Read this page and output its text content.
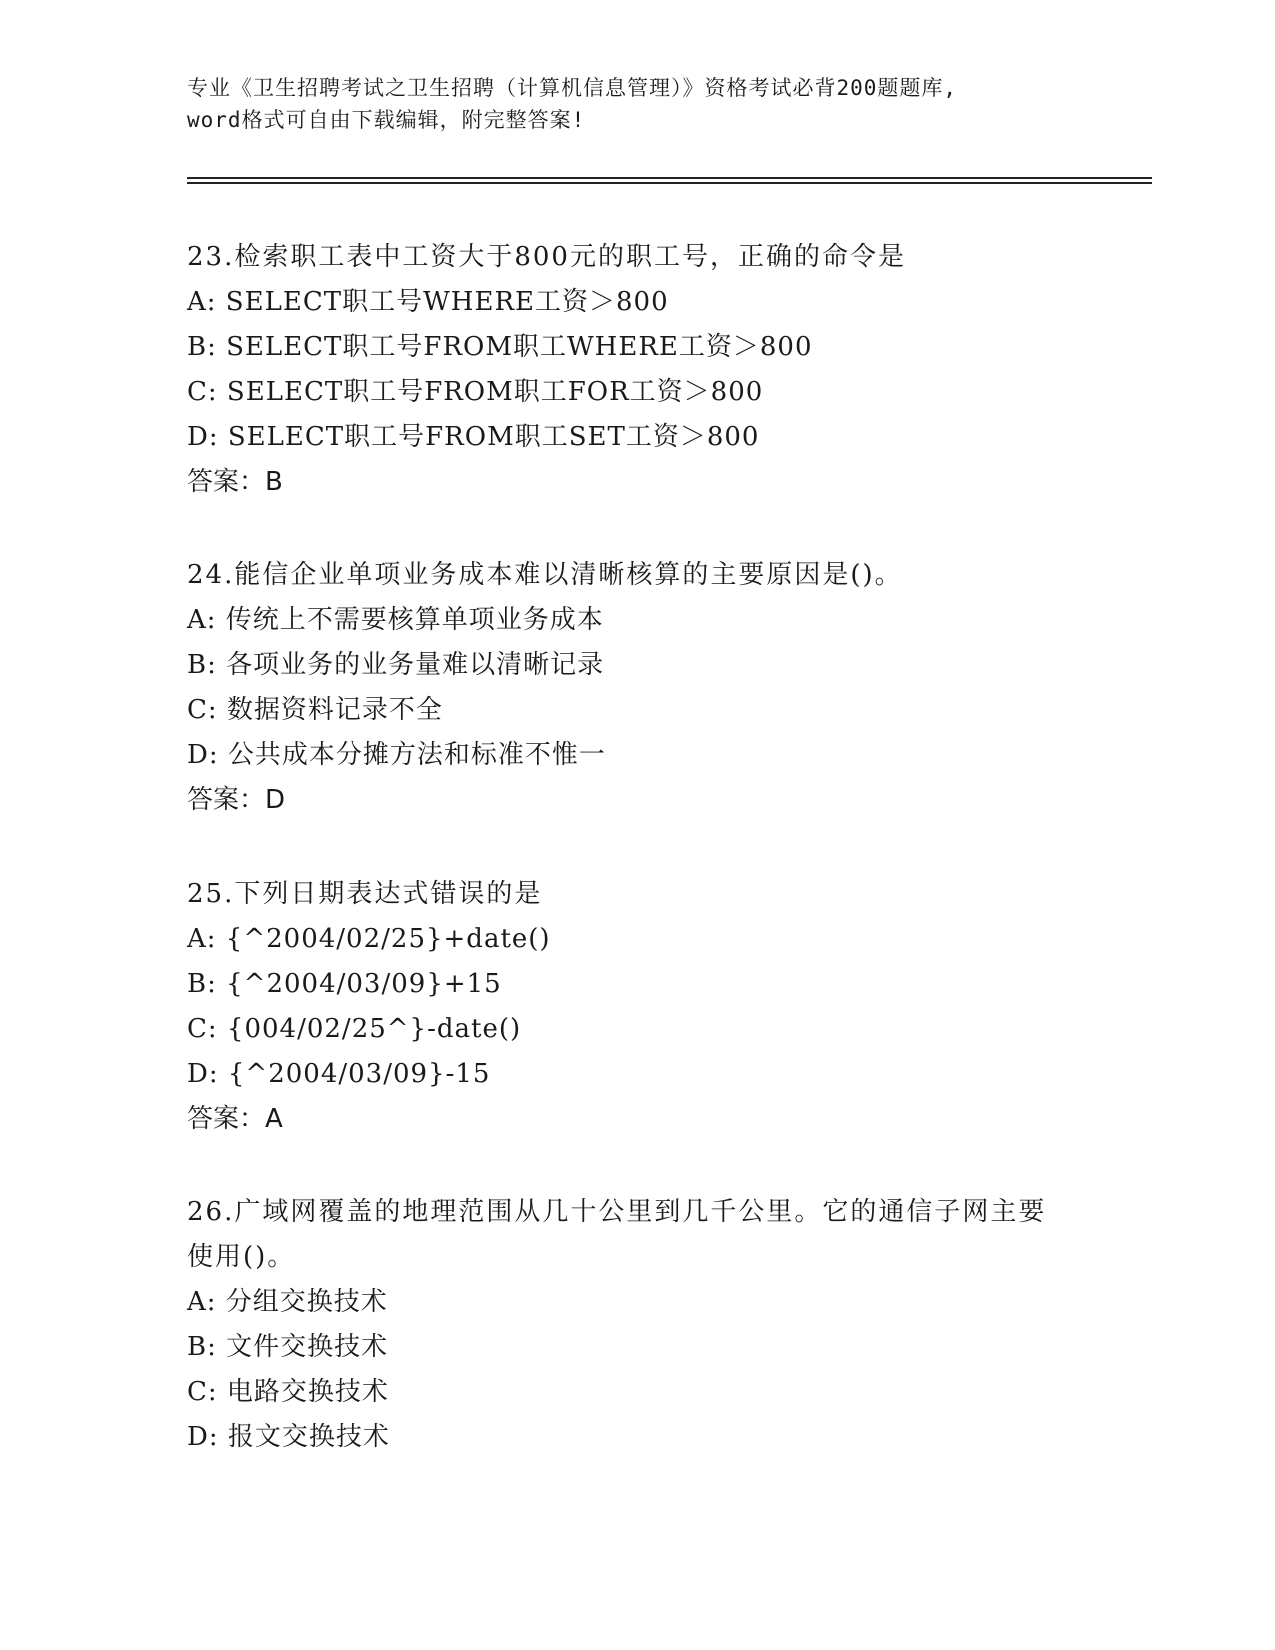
专业《卫生招聘考试之卫生招聘（计算机信息管理）》资格考试必背200题题库,
word格式可自由下载编辑，附完整答案!
23.检索职工表中工资大于800元的职工号，正确的命令是
A: SELECT职工号WHERE工资＞800
B: SELECT职工号FROM职工WHERE工资＞800
C: SELECT职工号FROM职工FOR工资＞800
D: SELECT职工号FROM职工SET工资＞800
答案：B
24.能信企业单项业务成本难以清晰核算的主要原因是()。
A: 传统上不需要核算单项业务成本
B: 各项业务的业务量难以清晰记录
C: 数据资料记录不全
D: 公共成本分摊方法和标准不惟一
答案：D
25.下列日期表达式错误的是
A: {^2004/02/25}+date()
B: {^2004/03/09}+15
C: {004/02/25^}-date()
D: {^2004/03/09}-15
答案：A
26.广域网覆盖的地理范围从几十公里到几千公里。它的通信子网主要
使用()。
A: 分组交换技术
B: 文件交换技术
C: 电路交换技术
D: 报文交换技术
